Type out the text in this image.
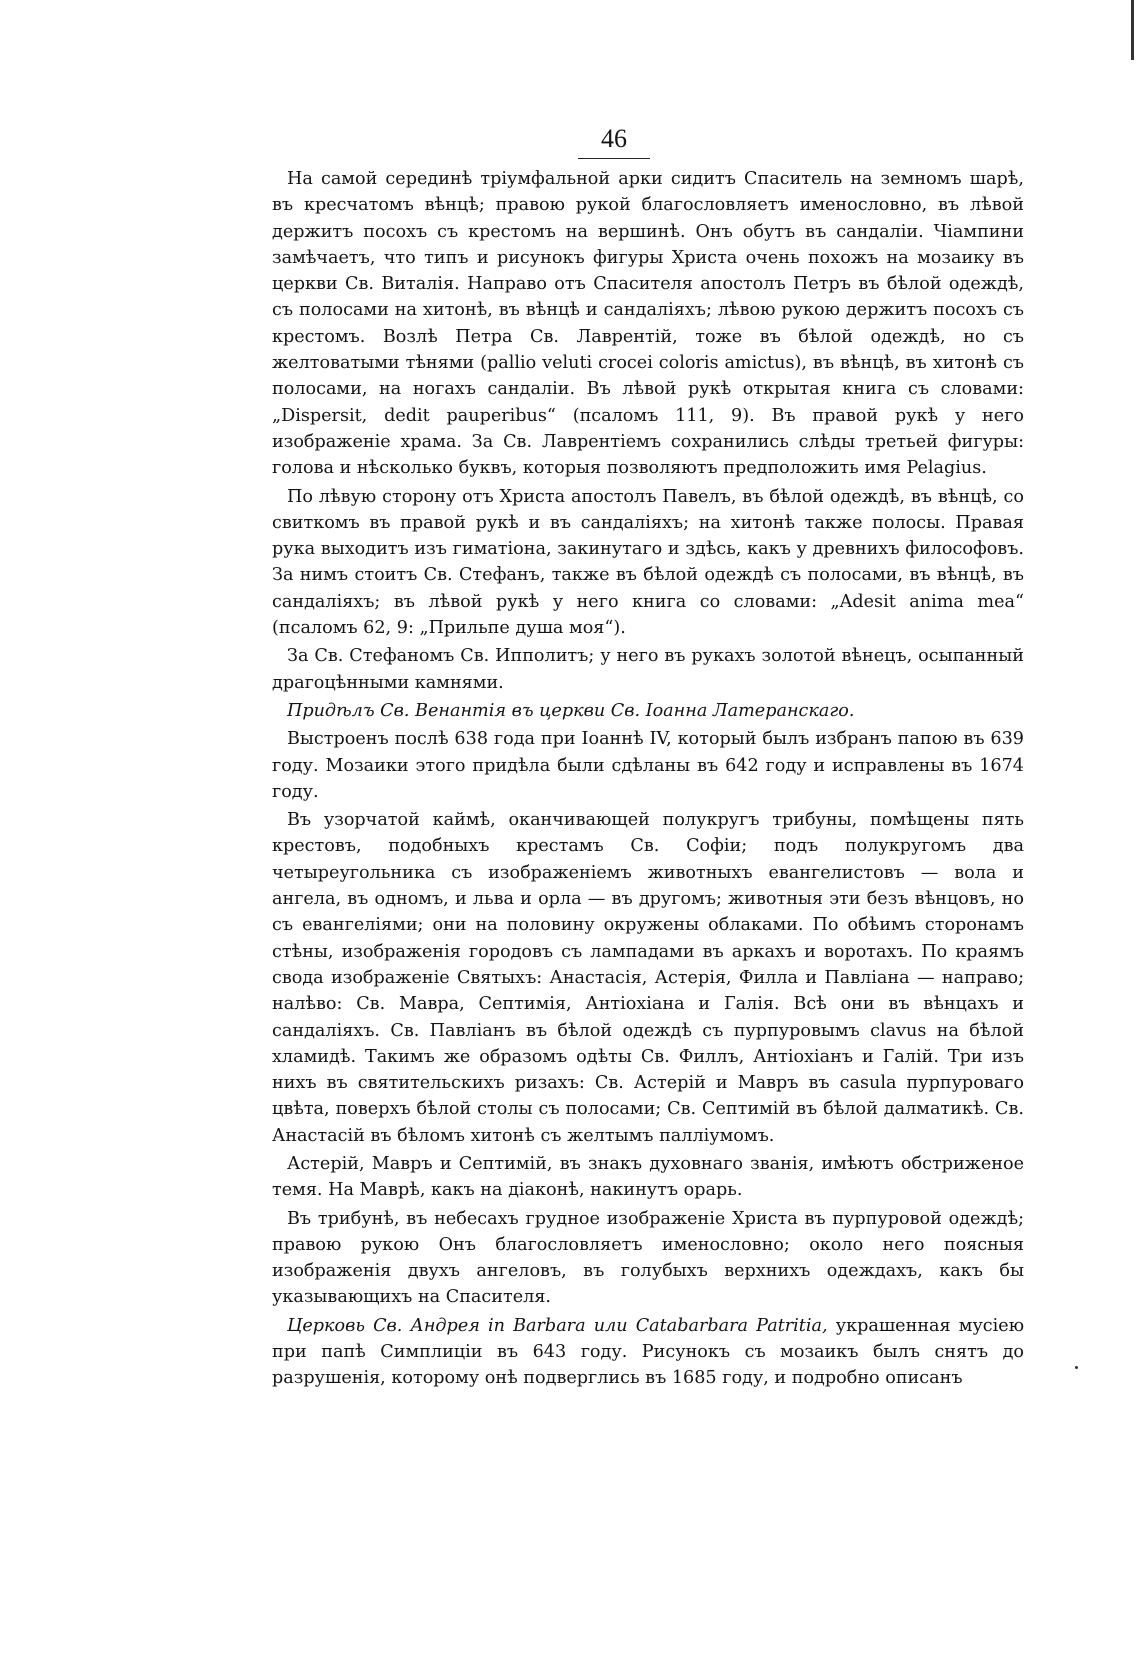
46

На самой серединѣ тріумфальной арки сидитъ Спаситель на земномъ шарѣ, въ кресчатомъ вѣнцѣ; правою рукой благословляетъ именословно, въ лѣвой держитъ посохъ съ крестомъ на вершинѣ. Онъ обутъ въ сандаліи. Чіампини замѣчаетъ, что типъ и рисунокъ фигуры Христа очень похожъ на мозаику въ церкви Св. Виталія. Направо отъ Спасителя апостолъ Петръ въ бѣлой одеждѣ, съ полосами на хитонѣ, въ вѣнцѣ и сандаліяхъ; лѣвою рукою держитъ посохъ съ крестомъ. Возлѣ Петра Св. Лаврентій, тоже въ бѣлой одеждѣ, но съ желтоватыми тѣнями (pallio veluti crocei coloris amictus), въ вѣнцѣ, въ хитонѣ съ полосами, на ногахъ сандаліи. Въ лѣвой рукѣ открытая книга съ словами: „Dispersit, dedit pauperibus“ (псаломъ 111, 9). Въ правой рукѣ у него изображеніе храма. За Св. Лаврентіемъ сохранились слѣды третьей фигуры: голова и нѣсколько буквъ, которыя позволяютъ предположить имя Pelagius.

По лѣвую сторону отъ Христа апостолъ Павелъ, въ бѣлой одеждѣ, въ вѣнцѣ, со свиткомъ въ правой рукѣ и въ сандаліяхъ; на хитонѣ также полосы. Правая рука выходитъ изъ гиматіона, закинутаго и здѣсь, какъ у древнихъ философовъ. За нимъ стоитъ Св. Стефанъ, также въ бѣлой одеждѣ съ полосами, въ вѣнцѣ, въ сандаліяхъ; въ лѣвой рукѣ у него книга со словами: „Adesit anima mea“ (псаломъ 62, 9: „Прильпе душа моя“).

За Св. Стефаномъ Св. Ипполитъ; у него въ рукахъ золотой вѣнецъ, осыпанный драгоцѣнными камнями.

Придѣлъ Св. Венантія въ церкви Св. Іоанна Латеранскаго.

Выстроенъ послѣ 638 года при Іоаннѣ IV, который былъ избранъ папою въ 639 году. Мозаики этого придѣла были сдѣланы въ 642 году и исправлены въ 1674 году.

Въ узорчатой каймѣ, оканчивающей полукругъ трибуны, помѣщены пять крестовъ, подобныхъ крестамъ Св. Софіи; подъ полукругомъ два четыреугольника съ изображеніемъ животныхъ евангелистовъ — вола и ангела, въ одномъ, и льва и орла — въ другомъ; животныя эти безъ вѣнцовъ, но съ евангеліями; они на половину окружены облаками. По обѣимъ сторонамъ стѣны, изображенія городовъ съ лампадами въ аркахъ и воротахъ. По краямъ свода изображеніе Святыхъ: Анастасія, Астерія, Филла и Павліана — направо; налѣво: Св. Мавра, Септимія, Антіохіана и Галія. Всѣ они въ вѣнцахъ и сандаліяхъ. Св. Павліанъ въ бѣлой одеждѣ съ пурпуровымъ clavus на бѣлой хламидѣ. Такимъ же образомъ одѣты Св. Филлъ, Антіохіанъ и Галій. Три изъ нихъ въ святительскихъ ризахъ: Св. Астерій и Мавръ въ casula пурпуроваго цвѣта, поверхъ бѣлой столы съ полосами; Св. Септимій въ бѣлой далматикѣ. Св. Анастасій въ бѣломъ хитонѣ съ желтымъ палліумомъ.

Астерій, Мавръ и Септимій, въ знакъ духовнаго званія, имѣютъ обстриженое темя. На Маврѣ, какъ на діаконѣ, накинутъ орарь.

Въ трибунѣ, въ небесахъ грудное изображеніе Христа въ пурпуровой одеждѣ; правою рукою Онъ благословляетъ именословно; около него поясныя изображенія двухъ ангеловъ, въ голубыхъ верхнихъ одеждахъ, какъ бы указывающихъ на Спасителя.

Церковь Св. Андрея in Barbara или Catabarbara Patritia, украшенная мусіею при папѣ Симплиціи въ 643 году. Рисунокъ съ мозаикъ былъ снятъ до разрушенія, которому онѣ подверглись въ 1685 году, и подробно описанъ
